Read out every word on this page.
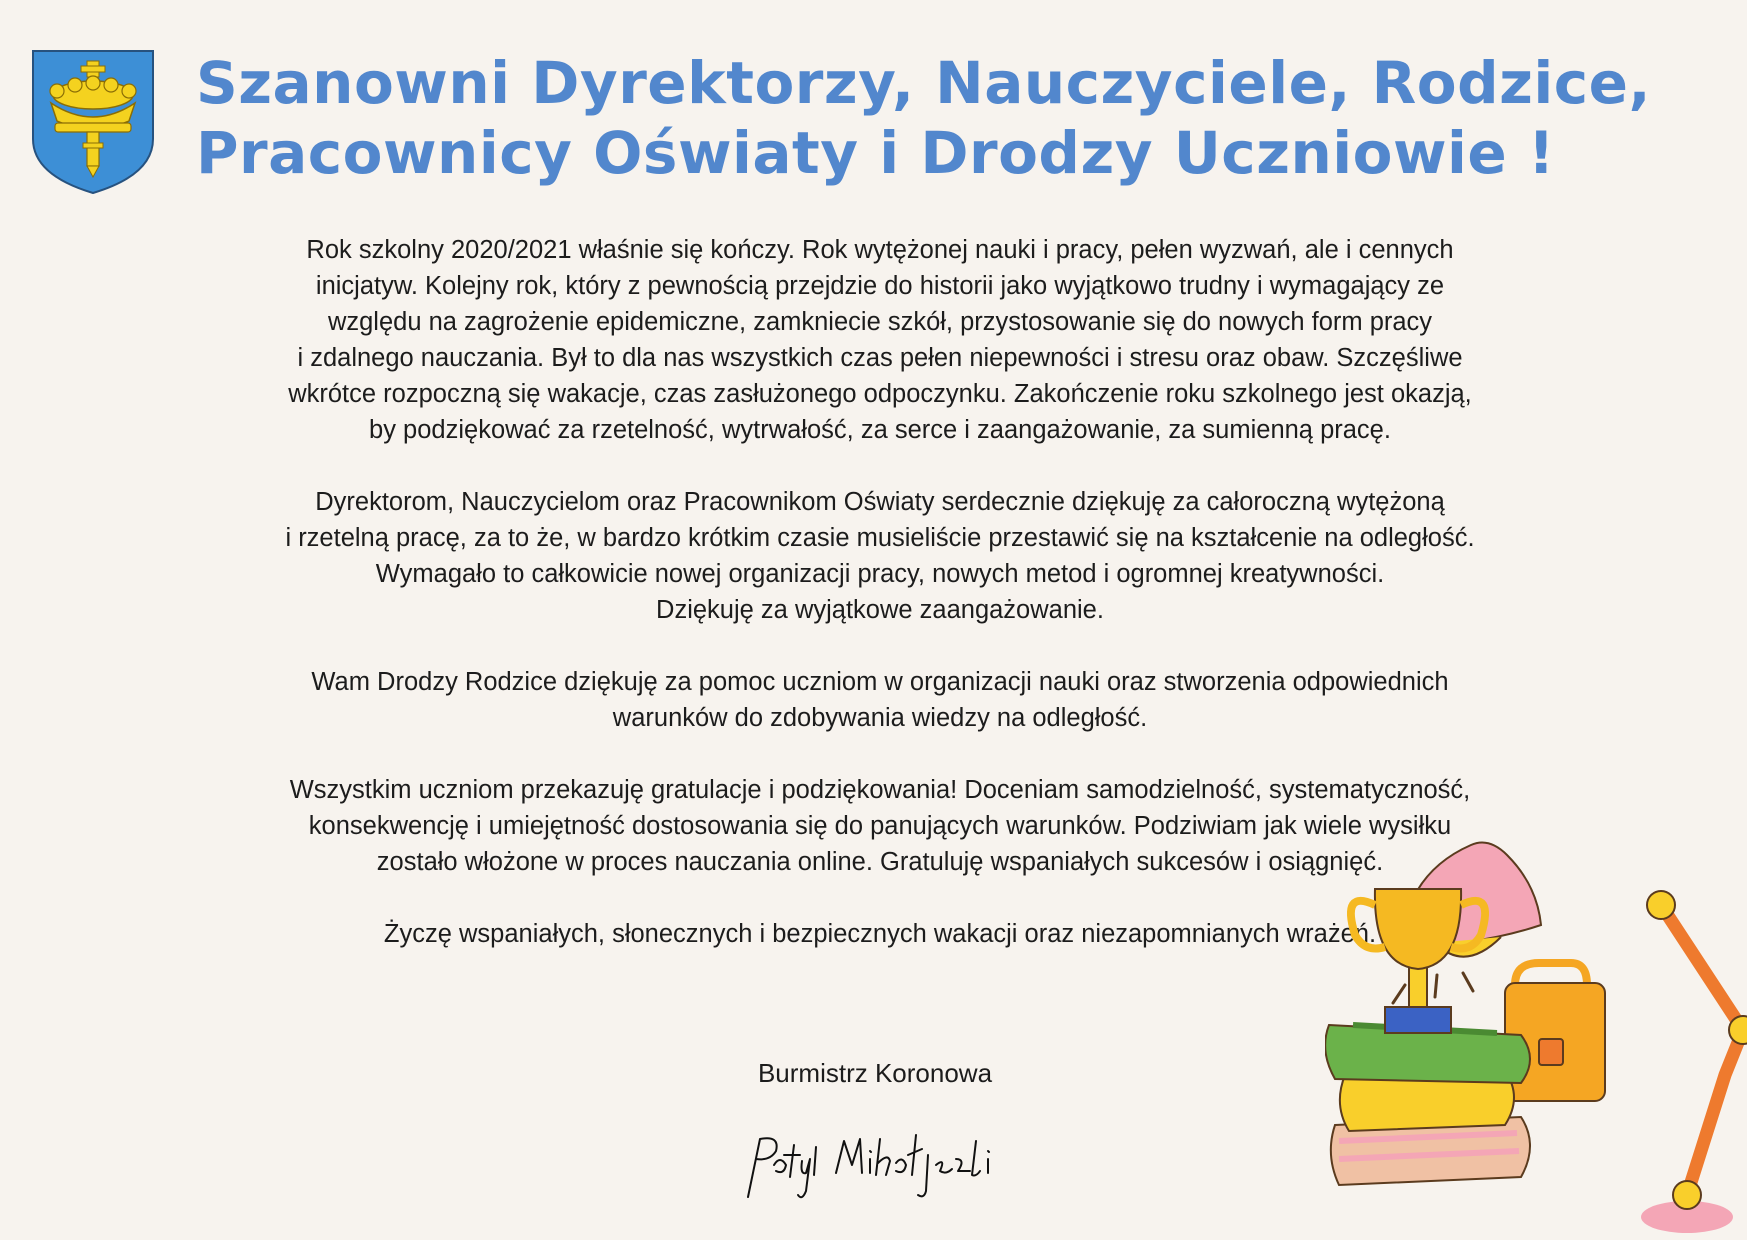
Szanowni Dyrektorzy, Nauczyciele, Rodzice,
Pracownicy Oświaty i Drodzy Uczniowie !
Rok szkolny 2020/2021 właśnie się kończy. Rok wytężonej nauki i pracy, pełen wyzwań, ale i cennych
inicjatyw. Kolejny rok, który z pewnością przejdzie do historii jako wyjątkowo trudny i wymagający ze
względu na zagrożenie epidemiczne, zamkniecie szkół, przystosowanie się do nowych form pracy
i zdalnego nauczania. Był to dla nas wszystkich czas pełen niepewności i stresu oraz obaw. Szczęśliwe
wkrótce rozpoczną się wakacje, czas zasłużonego odpoczynku. Zakończenie roku szkolnego jest okazją,
by podziękować za rzetelność, wytrwałość, za serce i zaangażowanie, za sumienną pracę.
Dyrektorom, Nauczycielom oraz Pracownikom Oświaty serdecznie dziękuję za całoroczną wytężoną
i rzetelną pracę, za to że, w bardzo krótkim czasie musieliście przestawić się na kształcenie na odległość.
Wymagało to całkowicie nowej organizacji pracy, nowych metod i ogromnej kreatywności.
Dziękuję za wyjątkowe zaangażowanie.
Wam Drodzy Rodzice dziękuję za pomoc uczniom w organizacji nauki oraz stworzenia odpowiednich
warunków do zdobywania wiedzy na odległość.
Wszystkim uczniom przekazuję gratulacje i podziękowania! Doceniam samodzielność, systematyczność,
konsekwencję i umiejętność dostosowania się do panujących warunków. Podziwiam jak wiele wysiłku
zostało włożone w proces nauczania online. Gratuluję wspaniałych sukcesów i osiągnięć.
Życzę wspaniałych, słonecznych i bezpiecznych wakacji oraz niezapomnianych wrażeń.
Burmistrz Koronowa
